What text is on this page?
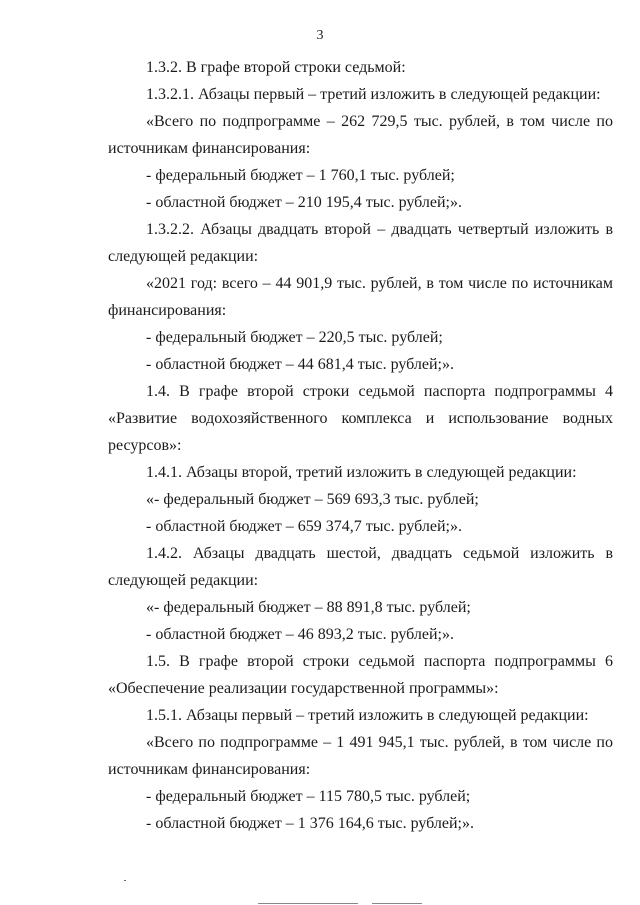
3

1.3.2. В графе второй строки седьмой:

1.3.2.1. Абзацы первый – третий изложить в следующей редакции:

«Всего по подпрограмме – 262 729,5 тыс. рублей, в том числе по источникам финансирования:

- федеральный бюджет – 1 760,1 тыс. рублей;

- областной бюджет – 210 195,4 тыс. рублей;».

1.3.2.2. Абзацы двадцать второй – двадцать четвертый изложить в следующей редакции:

«2021 год: всего – 44 901,9 тыс. рублей, в том числе по источникам финансирования:

- федеральный бюджет – 220,5 тыс. рублей;

- областной бюджет – 44 681,4 тыс. рублей;».

1.4. В графе второй строки седьмой паспорта подпрограммы 4 «Развитие водохозяйственного комплекса и использование водных ресурсов»:

1.4.1. Абзацы второй, третий изложить в следующей редакции:

«- федеральный бюджет – 569 693,3 тыс. рублей;

- областной бюджет – 659 374,7 тыс. рублей;».

1.4.2. Абзацы двадцать шестой, двадцать седьмой изложить в следующей редакции:

«- федеральный бюджет – 88 891,8 тыс. рублей;

- областной бюджет – 46 893,2 тыс. рублей;».

1.5. В графе второй строки седьмой паспорта подпрограммы 6 «Обеспечение реализации государственной программы»:

1.5.1. Абзацы первый – третий изложить в следующей редакции:

«Всего по подпрограмме – 1 491 945,1 тыс. рублей, в том числе по источникам финансирования:

- федеральный бюджет – 115 780,5 тыс. рублей;

- областной бюджет – 1 376 164,6 тыс. рублей;».
